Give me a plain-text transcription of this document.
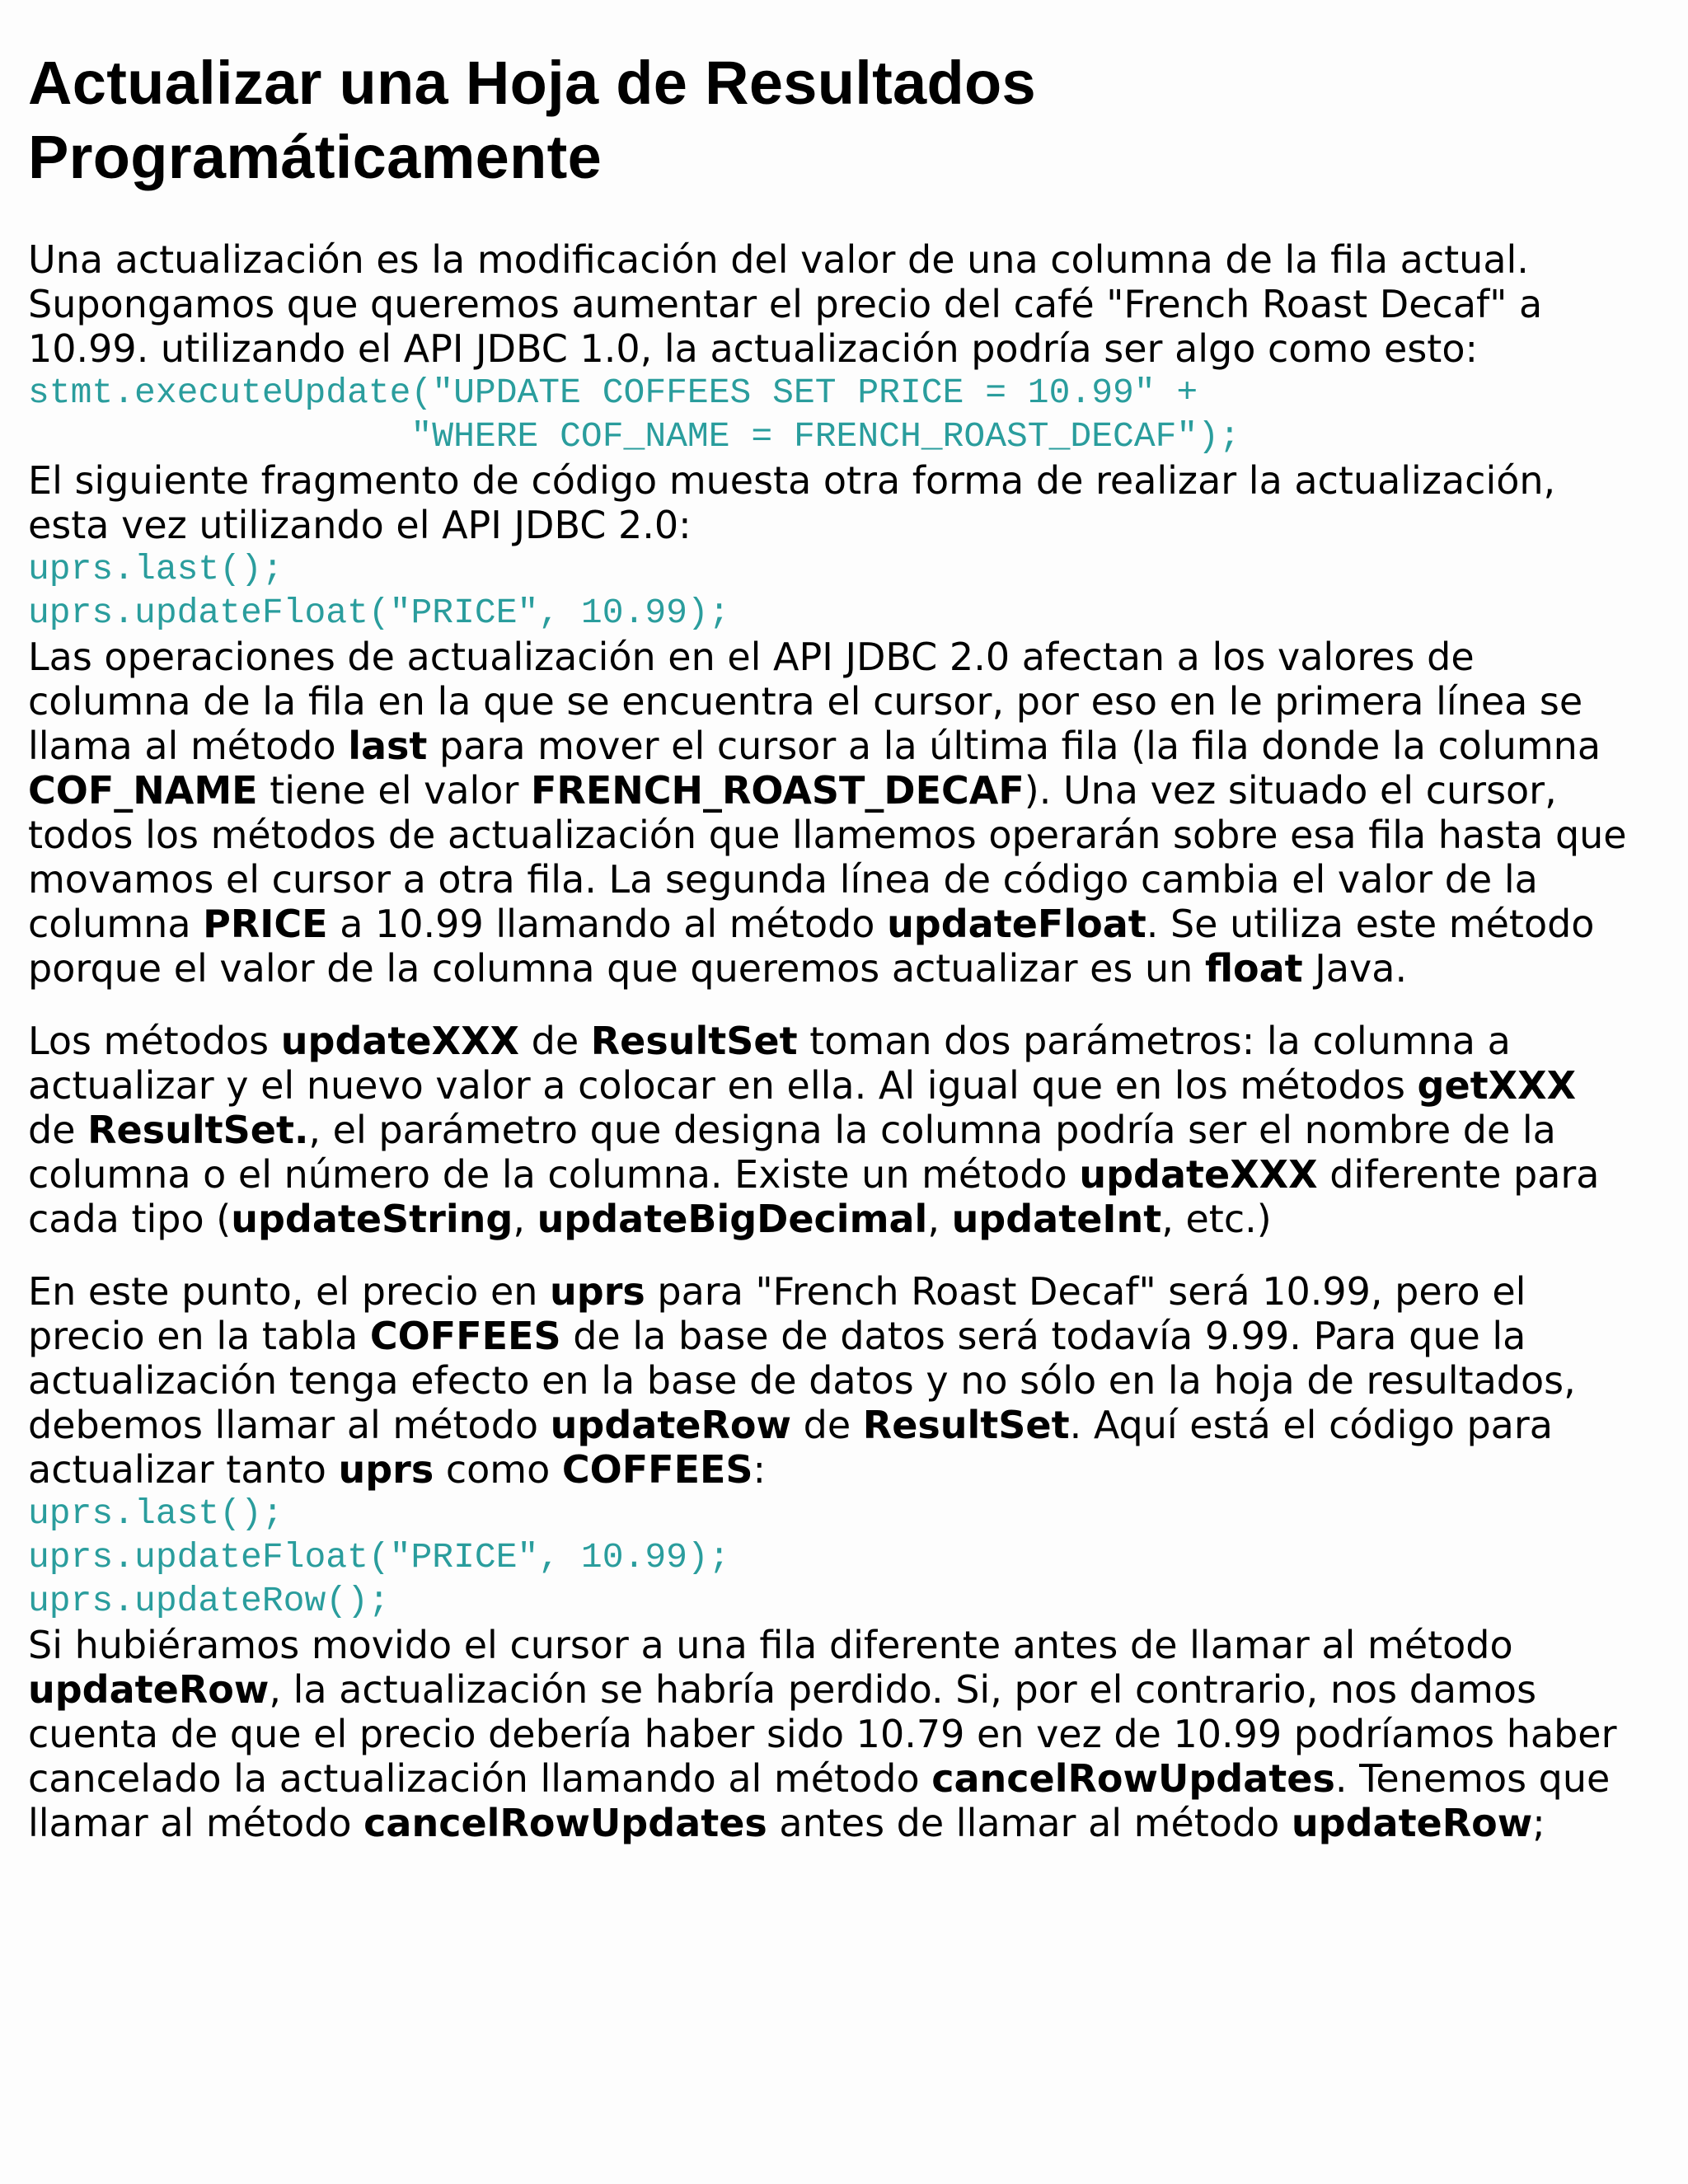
Actualizar una Hoja de Resultados
Programáticamente

Una actualización es la modificación del valor de una columna de la fila actual.
Supongamos que queremos aumentar el precio del café "French Roast Decaf" a
10.99. utilizando el API JDBC 1.0, la actualización podría ser algo como esto:

stmt.executeUpdate("UPDATE COFFEES SET PRICE = 10.99" +
"WHERE COF_NAME = FRENCH_ROAST_DECAF");

El siguiente fragmento de código muesta otra forma de realizar la actualización,
esta vez utilizando el API JDBC 2.0:

uprs.last();
uprs.updateFloat("PRICE", 10.99);

Las operaciones de actualización en el API JDBC 2.0 afectan a los valores de
columna de la fila en la que se encuentra el cursor, por eso en le primera línea se
llama al método last para mover el cursor a la última fila (la fila donde la columna
COF_NAME tiene el valor FRENCH_ROAST_DECAF). Una vez situado el cursor,
todos los métodos de actualización que llamemos operarán sobre esa fila hasta que
movamos el cursor a otra fila. La segunda línea de código cambia el valor de la
columna PRICE a 10.99 llamando al método updateFloat. Se utiliza este método
porque el valor de la columna que queremos actualizar es un float Java.

Los métodos updateXXX de ResultSet toman dos parámetros: la columna a
actualizar y el nuevo valor a colocar en ella. Al igual que en los métodos getXXX
de ResultSet., el parámetro que designa la columna podría ser el nombre de la
columna o el número de la columna. Existe un método updateXXX diferente para
cada tipo (updateString, updateBigDecimal, updateInt, etc.)

En este punto, el precio en uprs para "French Roast Decaf" será 10.99, pero el
precio en la tabla COFFEES de la base de datos será todavía 9.99. Para que la
actualización tenga efecto en la base de datos y no sólo en la hoja de resultados,
debemos llamar al método updateRow de ResultSet. Aquí está el código para
actualizar tanto uprs como COFFEES:

uprs.last();
uprs.updateFloat("PRICE", 10.99);
uprs.updateRow();

Si hubiéramos movido el cursor a una fila diferente antes de llamar al método
updateRow, la actualización se habría perdido. Si, por el contrario, nos damos
cuenta de que el precio debería haber sido 10.79 en vez de 10.99 podríamos haber
cancelado la actualización llamando al método cancelRowUpdates. Tenemos que
llamar al método cancelRowUpdates antes de llamar al método updateRow;
